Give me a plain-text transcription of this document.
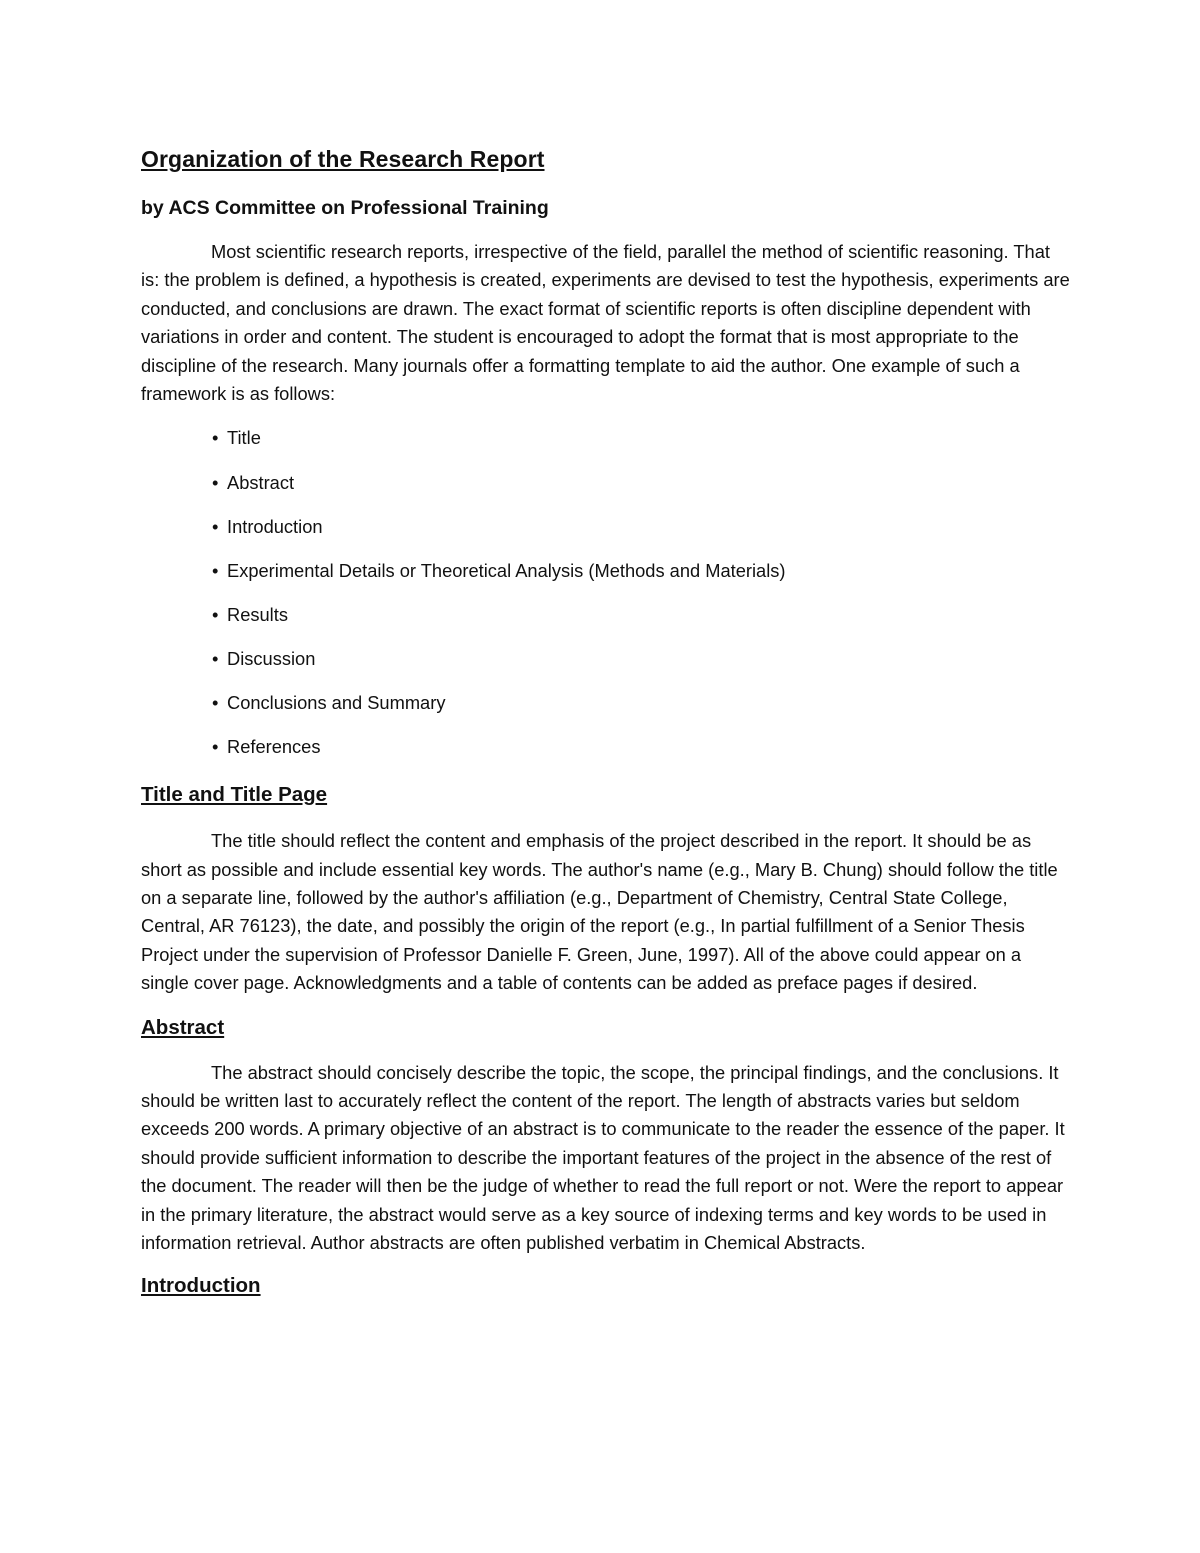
Organization of the Research Report

by ACS Committee on Professional Training

Most scientific research reports, irrespective of the field, parallel the method of scientific reasoning. That is: the problem is defined, a hypothesis is created, experiments are devised to test the hypothesis, experiments are conducted, and conclusions are drawn. The exact format of scientific reports is often discipline dependent with variations in order and content. The student is encouraged to adopt the format that is most appropriate to the discipline of the research. Many journals offer a formatting template to aid the author. One example of such a framework is as follows:

• Title
• Abstract
• Introduction
• Experimental Details or Theoretical Analysis (Methods and Materials)
• Results
• Discussion
• Conclusions and Summary
• References
Title and Title Page

The title should reflect the content and emphasis of the project described in the report. It should be as short as possible and include essential key words. The author's name (e.g., Mary B. Chung) should follow the title on a separate line, followed by the author's affiliation (e.g., Department of Chemistry, Central State College, Central, AR 76123), the date, and possibly the origin of the report (e.g., In partial fulfillment of a Senior Thesis Project under the supervision of Professor Danielle F. Green, June, 1997). All of the above could appear on a single cover page. Acknowledgments and a table of contents can be added as preface pages if desired.

Abstract

The abstract should concisely describe the topic, the scope, the principal findings, and the conclusions. It should be written last to accurately reflect the content of the report. The length of abstracts varies but seldom exceeds 200 words. A primary objective of an abstract is to communicate to the reader the essence of the paper. It should provide sufficient information to describe the important features of the project in the absence of the rest of the document. The reader will then be the judge of whether to read the full report or not. Were the report to appear in the primary literature, the abstract would serve as a key source of indexing terms and key words to be used in information retrieval. Author abstracts are often published verbatim in Chemical Abstracts.

Introduction
